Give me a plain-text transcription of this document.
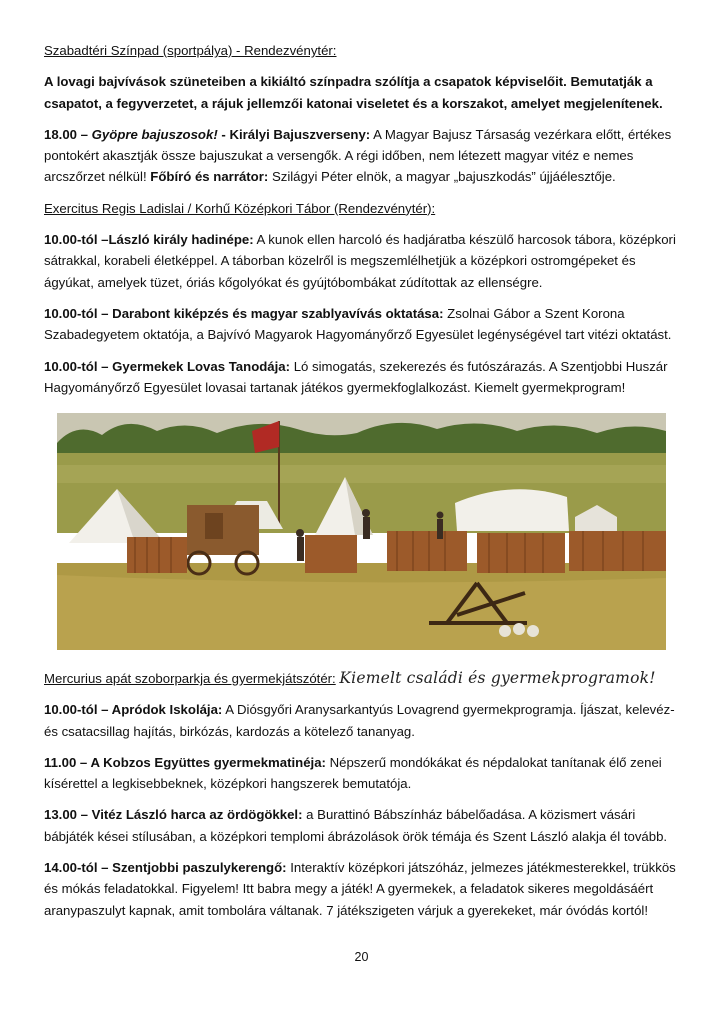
Szabadtéri Színpad (sportpálya) - Rendezvénytér:

A lovagi bajvívások szüneteiben a kikiáltó színpadra szólítja a csapatok képviselőit. Bemutatják a csapatot, a fegyverzetet, a rájuk jellemzői katonai viseletet és a korszakot, amelyet megjelenítenek.

18.00 – Gyöpre bajuszosok! - Királyi Bajuszverseny: A Magyar Bajusz Társaság vezérkara előtt, értékes pontokért akasztják össze bajuszukat a versengők. A régi időben, nem létezett magyar vitéz e nemes arcszőrzet nélkül! Főbíró és narrátor: Szilágyi Péter elnök, a magyar „bajuszkodás” újjáélesztője.

Exercitus Regis Ladislai / Korhű Középkori Tábor (Rendezvénytér):

10.00-tól –László király hadinépe: A kunok ellen harcoló és hadjáratba készülő harcosok tábora, középkori sátrakkal, korabeli életképpel. A táborban közelről is megszemlélhetjük a középkori ostromgépeket és ágyúkat, amelyek tüzet, óriás kőgolyókat és gyújtóbombákat zúdítottak az ellenségre.

10.00-tól – Darabont kiképzés és magyar szablyavívás oktatása: Zsolnai Gábor a Szent Korona Szabadegyetem oktatója, a Bajvívó Magyarok Hagyományőrző Egyesület legénységével tart vitézi oktatást.

10.00-tól – Gyermekek Lovas Tanodája: Ló simogatás, szekerezés és futószárazás. A Szentjobbi Huszár Hagyományőrző Egyesület lovasai tartanak játékos gyermekfoglalkozást. Kiemelt gyermekprogram!

Mercurius apát szoborparkja és gyermekjátszótér: Kiemelt családi és gyermekprogramok!

10.00-tól – Apródok Iskolája: A Diósgyőri Aranysarkantyús Lovagrend gyermekprogramja. Íjászat, kelevéz- és csatacsillag hajítás, birkózás, kardozás a kötelező tananyag.

11.00 – A Kobzos Együttes gyermekmatinéja: Népszerű mondókákat és népdalokat tanítanak élő zenei kísérettel a legkisebbeknek, középkori hangszerek bemutatója.

13.00 – Vitéz László harca az ördögökkel: a Burattinó Bábszínház bábelőadása. A közismert vásári bábjáték kései stílusában, a középkori templomi ábrázolások örök témája és Szent László alakja él tovább.

14.00-tól – Szentjobbi paszulykerengő: Interaktív középkori játszóház, jelmezes játékmesterekkel, trükkös és mókás feladatokkal. Figyelem! Itt babra megy a játék! A gyermekek, a feladatok sikeres megoldásáért aranypaszulyt kapnak, amit tombolára váltanak. 7 játékszigeten várjuk a gyerekeket, már óvódás kortól!

20
